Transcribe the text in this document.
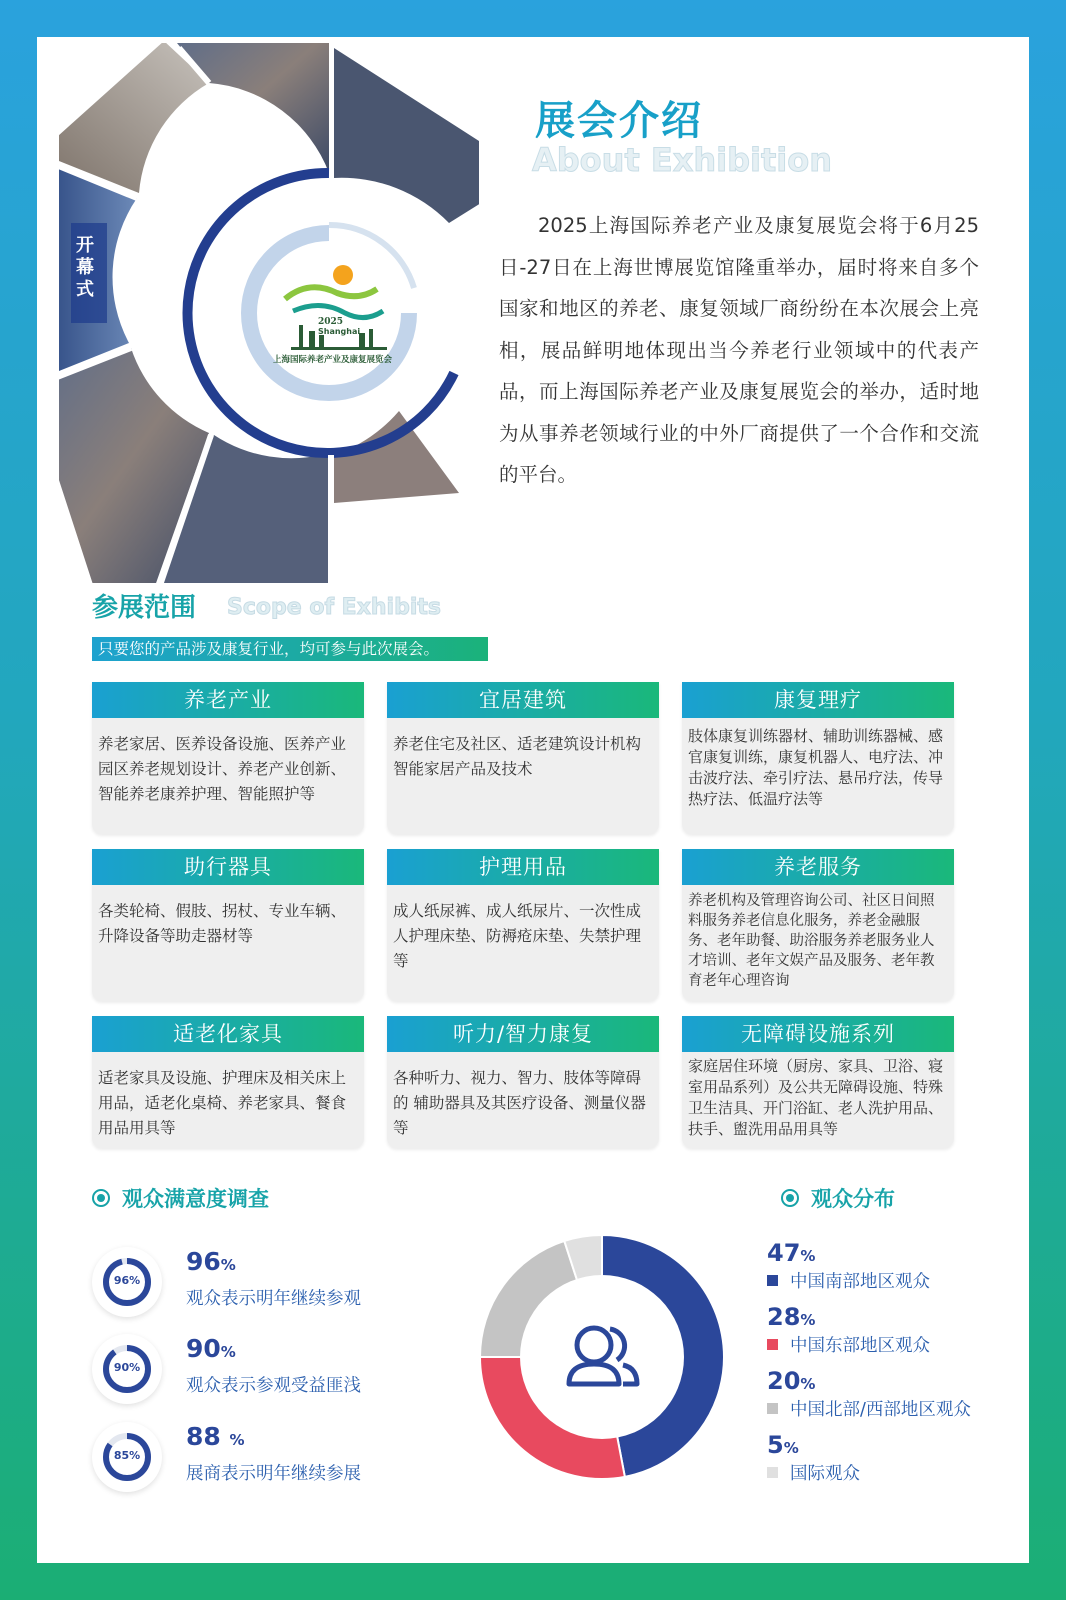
2025
Shanghai
上海国际养老产业及康复展览会
开幕式
展会介绍
About Exhibition

2025上海国际养老产业及康复展览会将于6月25日-27日在上海世博展览馆隆重举办，届时将来自多个国家和地区的养老、康复领域厂商纷纷在本次展会上亮相，展品鲜明地体现出当今养老行业领域中的代表产品，而上海国际养老产业及康复展览会的举办，适时地为从事养老领域行业的中外厂商提供了一个合作和交流的平台。

参展范围 Scope of Exhibits
只要您的产品涉及康复行业，均可参与此次展会。
养老产业
养老家居、医养设备设施、医养产业园区养老规划设计、养老产业创新、智能养老康养护理、智能照护等
宜居建筑
养老住宅及社区、适老建筑设计机构智能家居产品及技术
康复理疗
肢体康复训练器材、辅助训练器械、感官康复训练，康复机器人、电疗法、冲击波疗法、牵引疗法、悬吊疗法，传导热疗法、低温疗法等
助行器具
各类轮椅、假肢、拐杖、专业车辆、升降设备等助走器材等
护理用品
成人纸尿裤、成人纸尿片、一次性成人护理床垫、防褥疮床垫、失禁护理等
养老服务
养老机构及管理咨询公司、社区日间照料服务养老信息化服务，养老金融服务、老年助餐、助浴服务养老服务业人才培训、老年文娱产品及服务、老年教育老年心理咨询
适老化家具
适老家具及设施、护理床及相关床上用品，适老化桌椅、养老家具、餐食用品用具等
听力/智力康复
各种听力、视力、智力、肢体等障碍的 辅助器具及其医疗设备、测量仪器等
无障碍设施系列
家庭居住环境（厨房、家具、卫浴、寝室用品系列）及公共无障碍设施、特殊卫生洁具、开门浴缸、老人洗护用品、扶手、盥洗用品用具等
观众满意度调查
96%
96%
观众表示明年继续参观
90%
90%
观众表示参观受益匪浅
85%
88 %
展商表示明年继续参展
观众分布
47%
中国南部地区观众
28%
中国东部地区观众
20%
中国北部/西部地区观众
5%
国际观众
